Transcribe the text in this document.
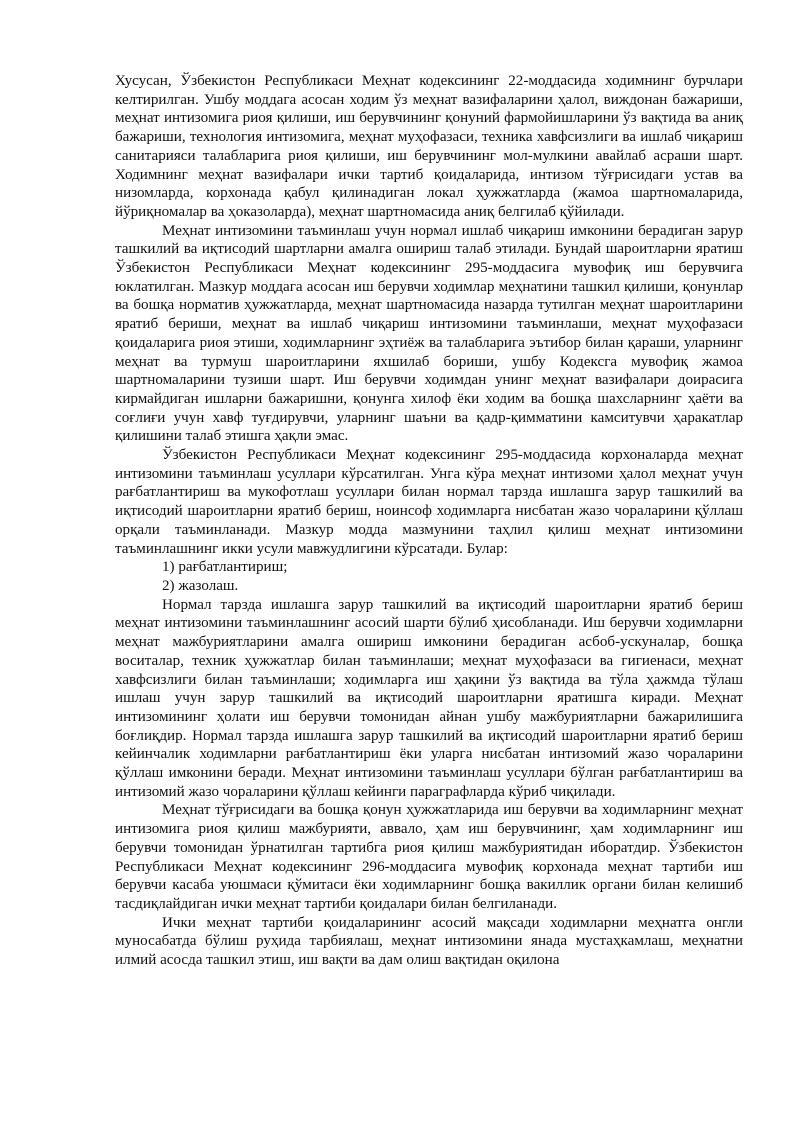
Хусусан, Ўзбекистон Республикаси Меҳнат кодексининг 22-моддасида ходимнинг бурчлари келтирилган. Ушбу моддага асосан ходим ўз меҳнат вазифаларини ҳалол, виждонан бажариши, меҳнат интизомига риоя қилиши, иш берувчининг қонуний фармойишларини ўз вақтида ва аниқ бажариши, технология интизомига, меҳнат муҳофазаси, техника хавфсизлиги ва ишлаб чиқариш санитарияси талабларига риоя қилиши, иш берувчининг мол-мулкини авайлаб асраши шарт. Ходимнинг меҳнат вазифалари ички тартиб қоидаларида, интизом тўғрисидаги устав ва низомларда, корхонада қабул қилинадиган локал ҳужжатларда (жамоа шартномаларида, йўриқномалар ва ҳоказоларда), меҳнат шартномасида аниқ белгилаб қўйилади.

Меҳнат интизомини таъминлаш учун нормал ишлаб чиқариш имконини берадиган зарур ташкилий ва иқтисодий шартларни амалга ошириш талаб этилади. Бундай шароитларни яратиш Ўзбекистон Республикаси Меҳнат кодексининг 295-моддасига мувофиқ иш берувчига юклатилган. Мазкур моддага асосан иш берувчи ходимлар меҳнатини ташкил қилиши, қонунлар ва бошқа норматив ҳужжатларда, меҳнат шартномасида назарда тутилган меҳнат шароитларини яратиб бериши, меҳнат ва ишлаб чиқариш интизомини таъминлаши, меҳнат муҳофазаси қоидаларига риоя этиши, ходимларнинг эҳтиёж ва талабларига эътибор билан қараши, уларнинг меҳнат ва турмуш шароитларини яхшилаб бориши, ушбу Кодексга мувофиқ жамоа шартномаларини тузиши шарт. Иш берувчи ходимдан унинг меҳнат вазифалари доирасига кирмайдиган ишларни бажаришни, қонунга хилоф ёки ходим ва бошқа шахсларнинг ҳаёти ва соғлиғи учун хавф туғдирувчи, уларнинг шаъни ва қадр-қимматини камситувчи ҳаракатлар қилишини талаб этишга ҳақли эмас.

Ўзбекистон Республикаси Меҳнат кодексининг 295-моддасида корхоналарда меҳнат интизомини таъминлаш усуллари кўрсатилган. Унга кўра меҳнат интизоми ҳалол меҳнат учун рағбатлантириш ва мукофотлаш усуллари билан нормал тарзда ишлашга зарур ташкилий ва иқтисодий шароитларни яратиб бериш, ноинсоф ходимларга нисбатан жазо чораларини қўллаш орқали таъминланади. Мазкур модда мазмунини таҳлил қилиш меҳнат интизомини таъминлашнинг икки усули мавжудлигини кўрсатади. Булар:

1) рағбатлантириш;

2) жазолаш.

Нормал тарзда ишлашга зарур ташкилий ва иқтисодий шароитларни яратиб бериш меҳнат интизомини таъминлашнинг асосий шарти бўлиб ҳисобланади. Иш берувчи ходимларни меҳнат мажбуриятларини амалга ошириш имконини берадиган асбоб-ускуналар, бошқа воситалар, техник ҳужжатлар билан таъминлаши; меҳнат муҳофазаси ва гигиенаси, меҳнат хавфсизлиги билан таъминлаши; ходимларга иш ҳақини ўз вақтида ва тўла ҳажмда тўлаш ишлаш учун зарур ташкилий ва иқтисодий шароитларни яратишга киради. Меҳнат интизомининг ҳолати иш берувчи томонидан айнан ушбу мажбуриятларни бажарилишига боғлиқдир. Нормал тарзда ишлашга зарур ташкилий ва иқтисодий шароитларни яратиб бериш кейинчалик ходимларни рағбатлантириш ёки уларга нисбатан интизомий жазо чораларини қўллаш имконини беради. Меҳнат интизомини таъминлаш усуллари бўлган рағбатлантириш ва интизомий жазо чораларини қўллаш кейинги параграфларда кўриб чиқилади.

Меҳнат тўғрисидаги ва бошқа қонун ҳужжатларида иш берувчи ва ходимларнинг меҳнат интизомига риоя қилиш мажбурияти, аввало, ҳам иш берувчининг, ҳам ходимларнинг иш берувчи томонидан ўрнатилган тартибга риоя қилиш мажбуриятидан иборатдир. Ўзбекистон Республикаси Меҳнат кодексининг 296-моддасига мувофиқ корхонада меҳнат тартиби иш берувчи касаба уюшмаси қўмитаси ёки ходимларнинг бошқа вакиллик органи билан келишиб тасдиқлайдиган ички меҳнат тартиби қоидалари билан белгиланади.

Ички меҳнат тартиби қоидаларининг асосий мақсади ходимларни меҳнатга онгли муносабатда бўлиш руҳида тарбиялаш, меҳнат интизомини янада мустаҳкамлаш, меҳнатни илмий асосда ташкил этиш, иш вақти ва дам олиш вақтидан оқилона
